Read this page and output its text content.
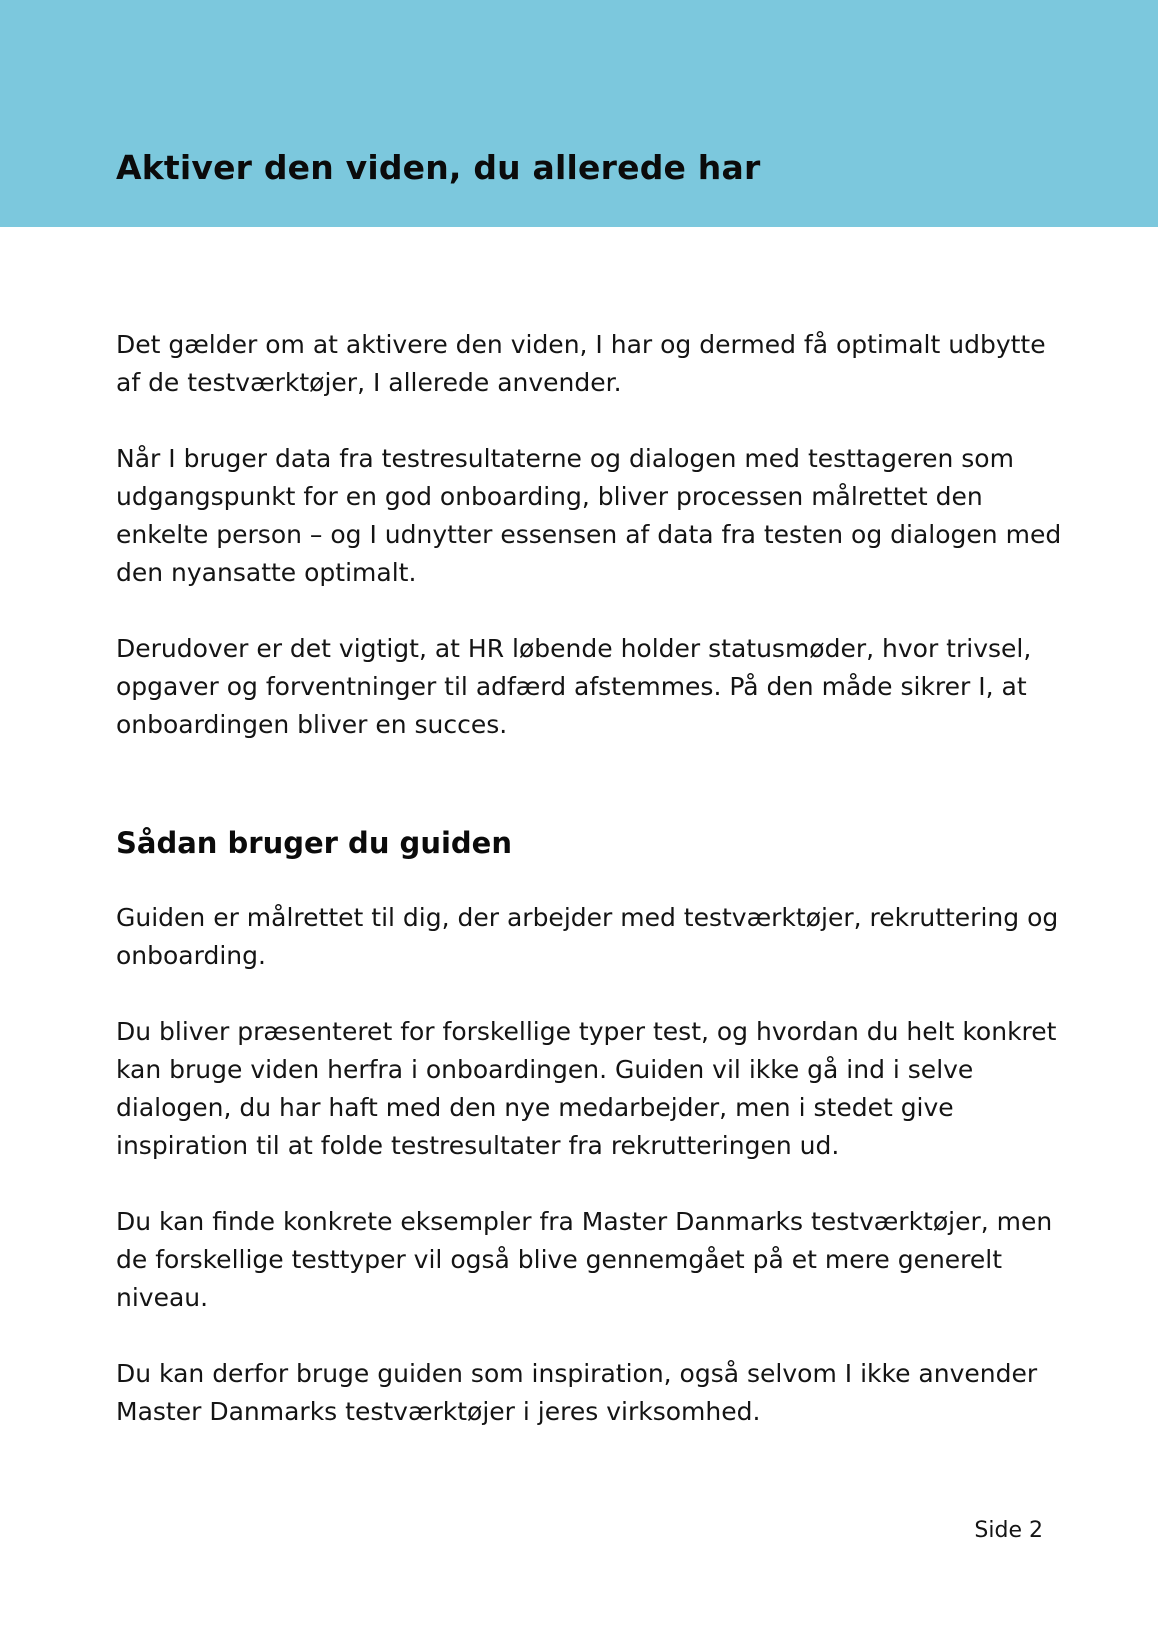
Aktiver den viden, du allerede har

Det gælder om at aktivere den viden, I har og dermed få optimalt udbytte af de testværktøjer, I allerede anvender.

Når I bruger data fra testresultaterne og dialogen med testtageren som udgangspunkt for en god onboarding, bliver processen målrettet den enkelte person – og I udnytter essensen af data fra testen og dialogen med den nyansatte optimalt.

Derudover er det vigtigt, at HR løbende holder statusmøder, hvor trivsel, opgaver og forventninger til adfærd afstemmes. På den måde sikrer I, at onboardingen bliver en succes.

Sådan bruger du guiden

Guiden er målrettet til dig, der arbejder med testværktøjer, rekruttering og onboarding.

Du bliver præsenteret for forskellige typer test, og hvordan du helt konkret kan bruge viden herfra i onboardingen. Guiden vil ikke gå ind i selve dialogen, du har haft med den nye medarbejder, men i stedet give inspiration til at folde testresultater fra rekrutteringen ud.

Du kan finde konkrete eksempler fra Master Danmarks testværktøjer, men de forskellige testtyper vil også blive gennemgået på et mere generelt niveau.

Du kan derfor bruge guiden som inspiration, også selvom I ikke anvender Master Danmarks testværktøjer i jeres virksomhed.

Side 2
